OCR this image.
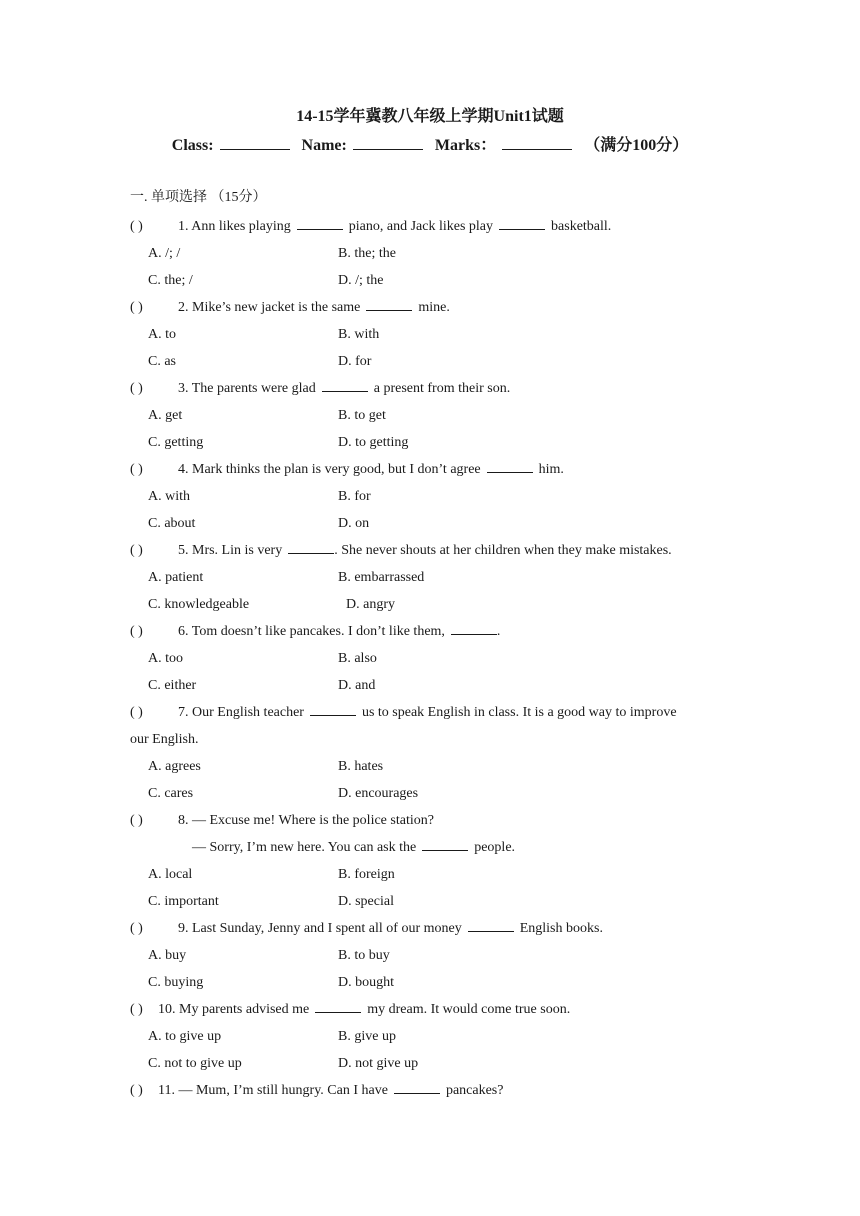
14-15学年冀教八年级上学期Unit1试题
Class:	Name:	Marks：	（满分100分）
一. 单项选择 （15分）
( )	1. Ann likes playing	piano, and Jack likes play	basketball.
A. /; /	B. the; the
C. the; /	D. /; the
( )	2. Mike’s new jacket is the same	mine.
A. to	B. with
C. as	D. for
( )	3. The parents were glad	a present from their son.
A. get	B. to get
C. getting	D. to getting
( )	4. Mark thinks the plan is very good, but I don’t agree	him.
A. with	B. for
C. about	D. on
( )	5. Mrs. Lin is very	. She never shouts at her children when they make mistakes.
A. patient	B. embarrassed
C. knowledgeable	D. angry
( )	6. Tom doesn’t like pancakes. I don’t like them,	.
A. too	B. also
C. either	D. and
( )	7. Our English teacher	us to speak English in class. It is a good way to improve
our English.
A. agrees	B. hates
C. cares	D. encourages
( )	8. — Excuse me! Where is the police station?
— Sorry, I’m new here. You can ask the	people.
A. local	B. foreign
C. important	D. special
( )	9. Last Sunday, Jenny and I spent all of our money	English books.
A. buy	B. to buy
C. buying	D. bought
( ) 10. My parents advised me	my dream. It would come true soon.
A. to give up	B. give up
C. not to give up	D. not give up
( ) 11. — Mum, I’m still hungry. Can I have	pancakes?
